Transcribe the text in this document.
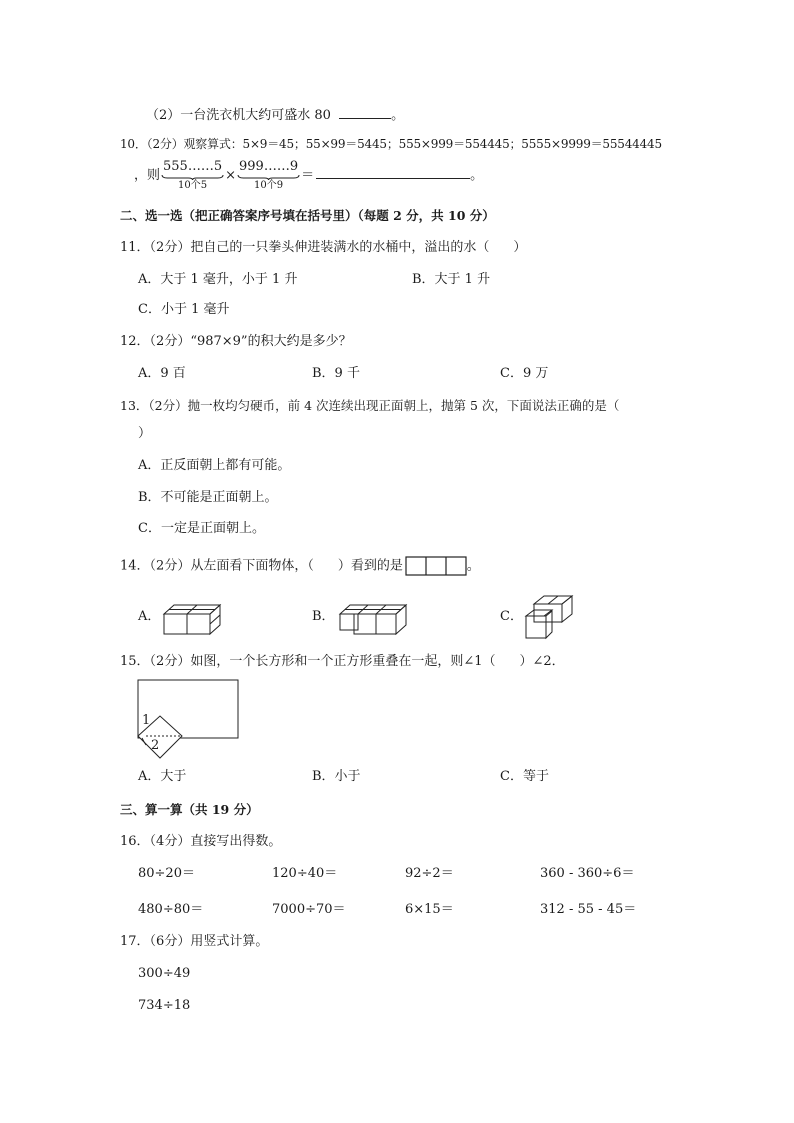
（2）一台洗衣机大约可盛水 80	。
10．（2分）观察算式：5×9＝45；55×99＝5445；555×999＝554445；5555×9999＝55544445
，则
555……5
10个5
×
999……9
10个9
＝	。
二、选一选（把正确答案序号填在括号里）（每题 2 分，共 10 分）
11．（2分）把自己的一只拳头伸进装满水的水桶中，溢出的水（ ）
A．大于 1 毫升，小于 1 升	B．大于 1 升
C．小于 1 毫升
12．（2分）“987×9”的积大约是多少？
A．9 百	B．9 千	C．9 万
13．（2分）抛一枚均匀硬币，前 4 次连续出现正面朝上，抛第 5 次，下面说法正确的是（
）
A．正反面朝上都有可能。
B．不可能是正面朝上。
C．一定是正面朝上。
14．（2分）从左面看下面物体，（ ）看到的是	。
A．	B．	C．
15．（2分）如图，一个长方形和一个正方形重叠在一起，则∠1（ ）∠2．
1
2
A．大于	B．小于	C．等于
三、算一算（共 19 分）
16．（4分）直接写出得数。
80÷20＝	120÷40＝	92÷2＝	360 - 360÷6＝
480÷80＝	7000÷70＝	6×15＝	312 - 55 - 45＝
17．（6分）用竖式计算。
300÷49
734÷18
